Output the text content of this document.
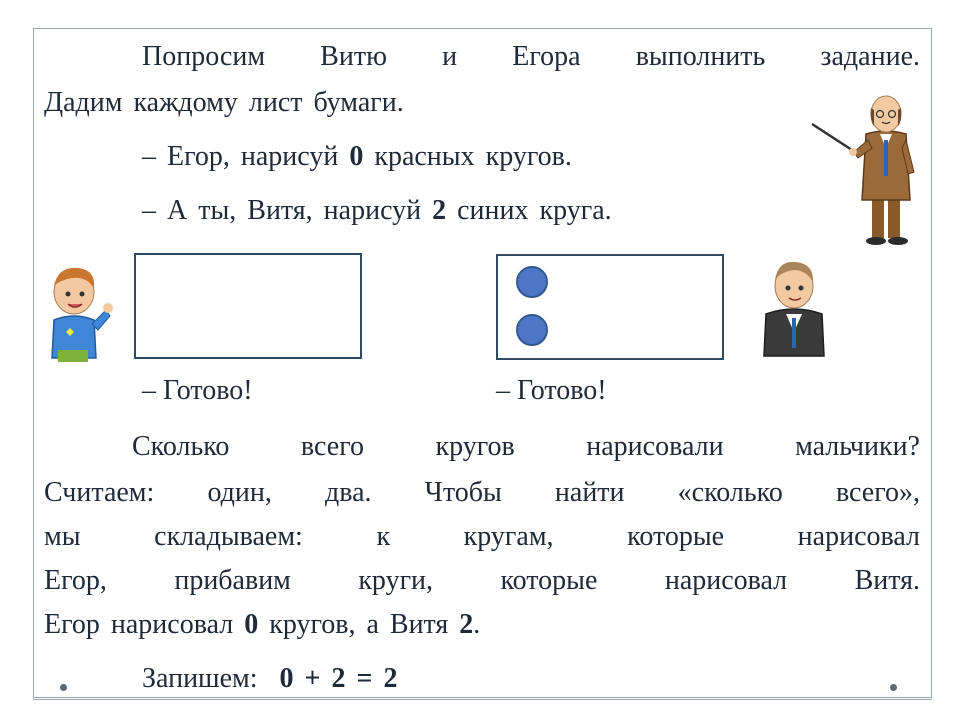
Попросим Витю и Егора выполнить задание.
Дадим каждому лист бумаги.
– Егор, нарисуй 0 красных кругов.
– А ты, Витя, нарисуй 2 синих круга.
– Готово!	– Готово!
Сколько всего кругов нарисовали мальчики?
Считаем: один, два. Чтобы найти «сколько всего»,
мы складываем: к кругам, которые нарисовал
Егор, прибавим круги, которые нарисовал Витя.
Егор нарисовал 0 кругов, а Витя 2.
Запишем:  0 + 2 = 2
